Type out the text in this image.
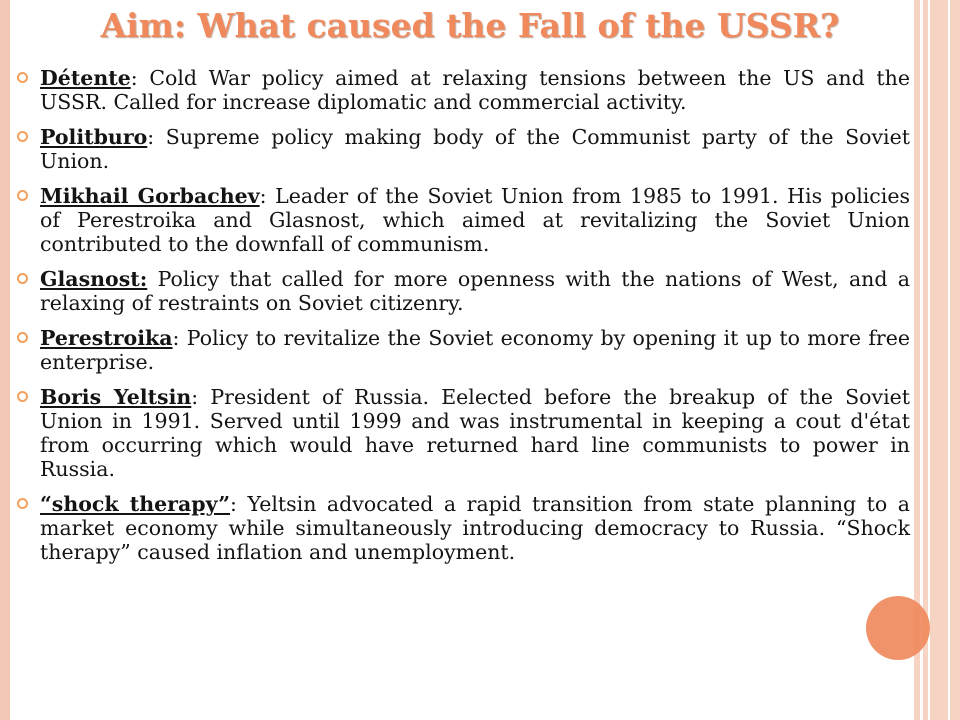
Aim: What caused the Fall of the USSR?
Détente: Cold War policy aimed at relaxing tensions between the US and the USSR. Called for increase diplomatic and commercial activity.
Politburo: Supreme policy making body of the Communist party of the Soviet Union.
Mikhail Gorbachev: Leader of the Soviet Union from 1985 to 1991. His policies of Perestroika and Glasnost, which aimed at revitalizing the Soviet Union contributed to the downfall of communism.
Glasnost: Policy that called for more openness with the nations of West, and a relaxing of restraints on Soviet citizenry.
Perestroika: Policy to revitalize the Soviet economy by opening it up to more free enterprise.
Boris Yeltsin: President of Russia. Eelected before the breakup of the Soviet Union in 1991. Served until 1999 and was instrumental in keeping a cout d'état from occurring which would have returned hard line communists to power in Russia.
“shock therapy”: Yeltsin advocated a rapid transition from state planning to a market economy while simultaneously introducing democracy to Russia. “Shock therapy” caused inflation and unemployment.
